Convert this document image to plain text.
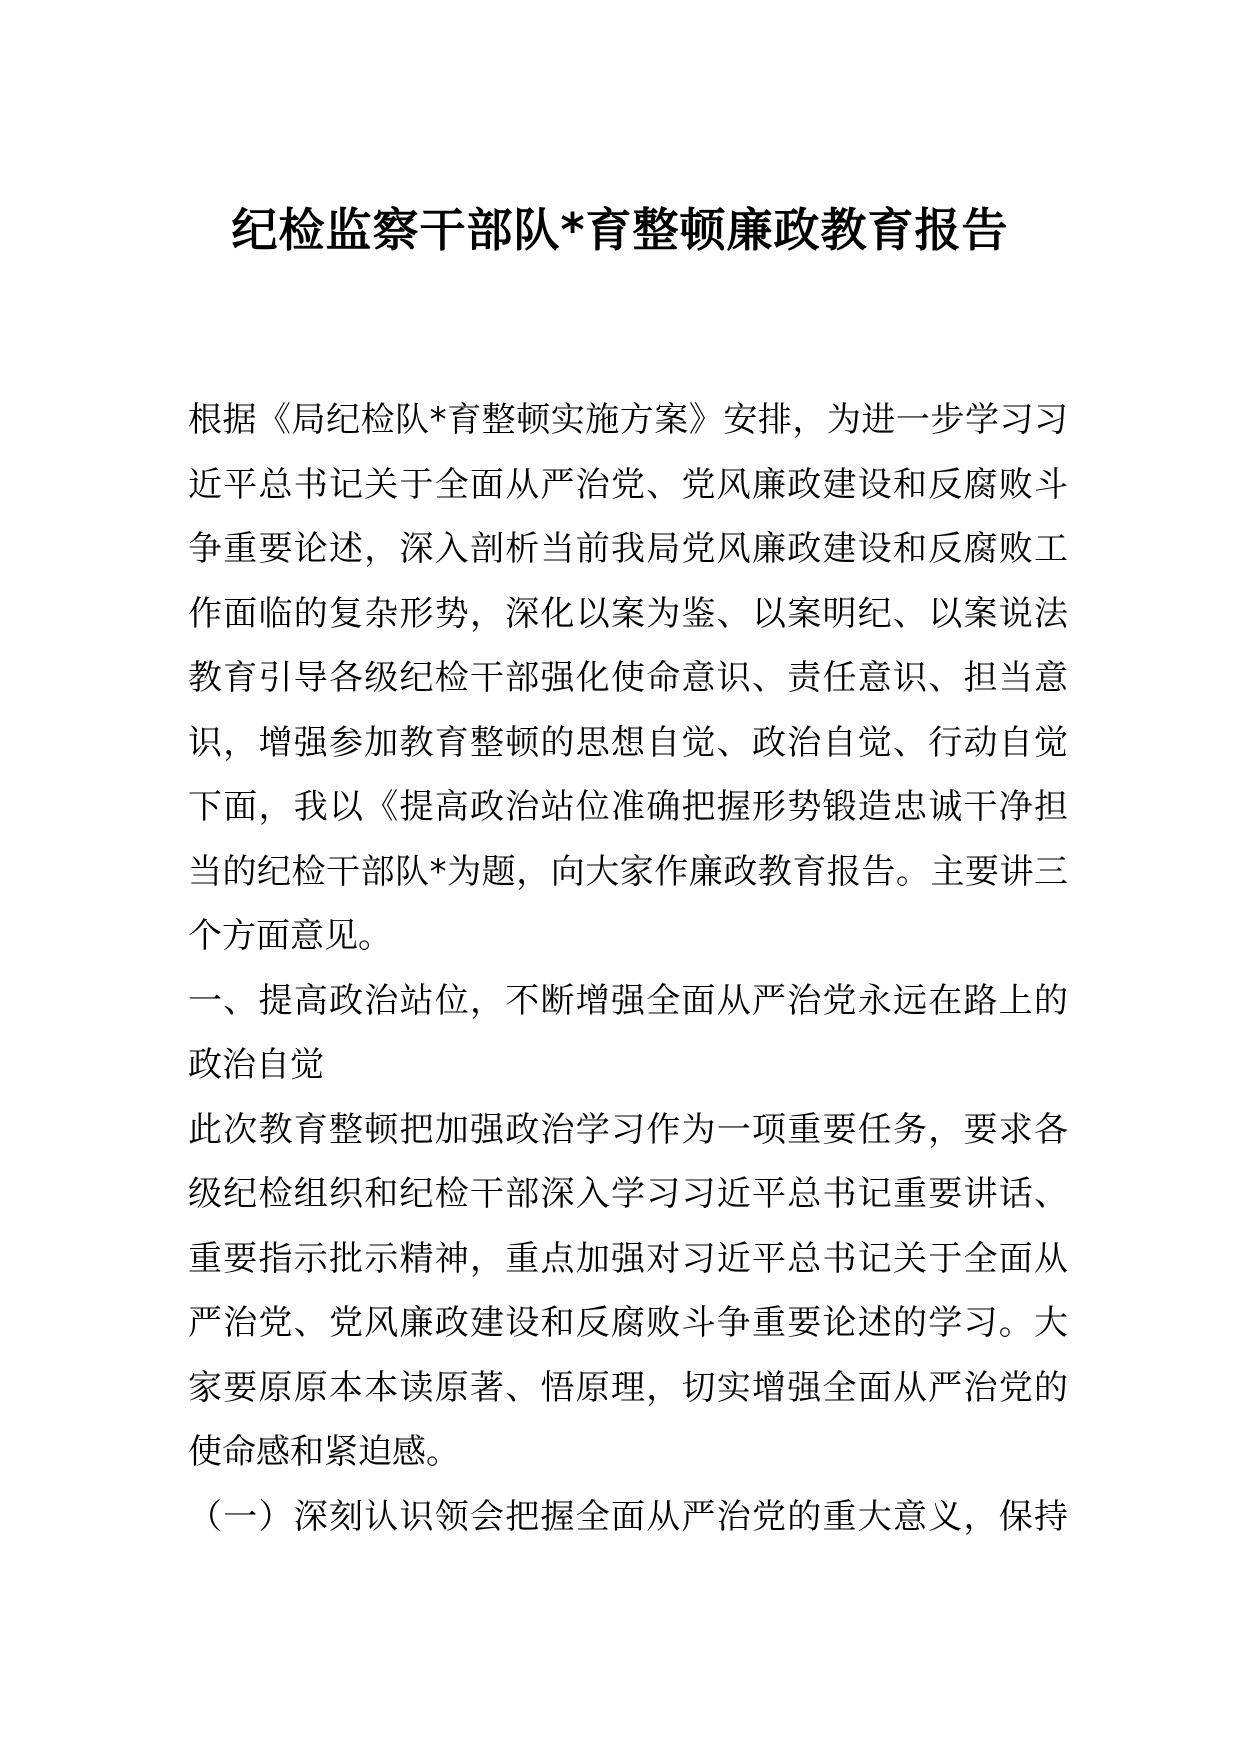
纪检监察干部队*育整顿廉政教育报告
根据《局纪检队*育整顿实施方案》安排，为进一步学习习
近平总书记关于全面从严治党、党风廉政建设和反腐败斗
争重要论述，深入剖析当前我局党风廉政建设和反腐败工
作面临的复杂形势，深化以案为鉴、以案明纪、以案说法
教育引导各级纪检干部强化使命意识、责任意识、担当意
识，增强参加教育整顿的思想自觉、政治自觉、行动自觉
下面，我以《提高政治站位准确把握形势锻造忠诚干净担
当的纪检干部队*为题，向大家作廉政教育报告。主要讲三
个方面意见。
一、提高政治站位，不断增强全面从严治党永远在路上的
政治自觉
此次教育整顿把加强政治学习作为一项重要任务，要求各
级纪检组织和纪检干部深入学习习近平总书记重要讲话、
重要指示批示精神，重点加强对习近平总书记关于全面从
严治党、党风廉政建设和反腐败斗争重要论述的学习。大
家要原原本本读原著、悟原理，切实增强全面从严治党的
使命感和紧迫感。
（一）深刻认识领会把握全面从严治党的重大意义，保持
